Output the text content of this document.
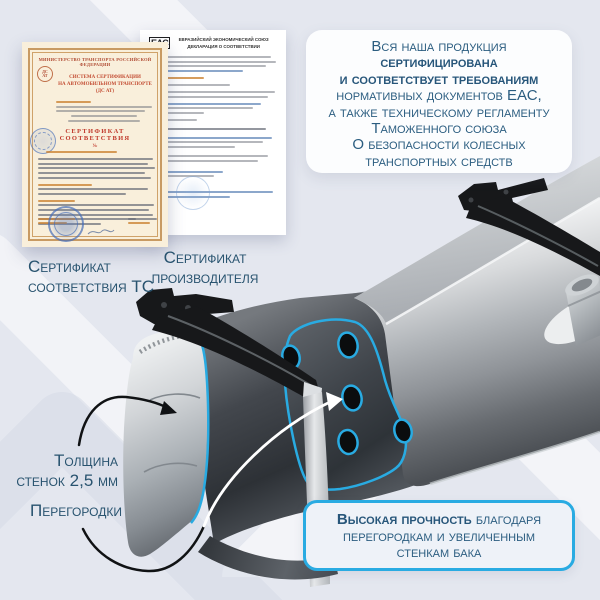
ЕВРАЗИЙСКИЙ ЭКОНОМИЧЕСКИЙ СОЮЗ
ДЕКЛАРАЦИЯ О СООТВЕТСТВИИ
МИНИСТЕРСТВО ТРАНСПОРТА РОССИЙСКОЙ ФЕДЕРАЦИИ
ДС
АТ	СИСТЕМА СЕРТИФИКАЦИИ
НА АВТОМОБИЛЬНОМ ТРАНСПОРТЕ (ДС АТ)
СЕРТИФИКАТ СООТВЕТСТВИЯ
№
Сертификат
соответствия ТС
Сертификат
производителя
Толщина
стенок 2,5 мм
Перегородки
Вся наша продукция
сертифицирована
и соответствует требованиям
нормативных документов ЕАС,
а также техническому регламенту
Таможенного союза
О безопасности колесных
транспортных средств
Высокая прочность благодаря
перегородкам и увеличенным
стенкам бака
